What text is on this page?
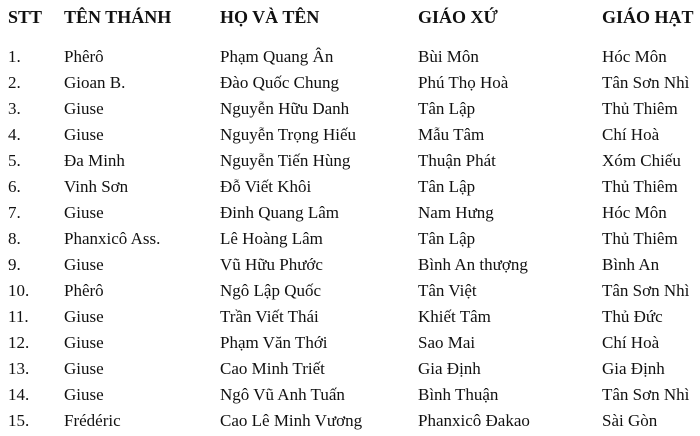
STT TÊN THÁNH	HỌ VÀ TÊN	GIÁO XỨ	GIÁO HẠT
1.	Phêrô	Phạm Quang Ân	Bùi Môn	Hóc Môn
2.	Gioan B.	Đào Quốc Chung	Phú Thọ Hoà	Tân Sơn Nhì
3.	Giuse	Nguyễn Hữu Danh	Tân Lập	Thủ Thiêm
4.	Giuse	Nguyễn Trọng Hiếu	Mẫu Tâm	Chí Hoà
5.	Đa Minh	Nguyễn Tiến Hùng	Thuận Phát	Xóm Chiếu
6.	Vinh Sơn	Đỗ Viết Khôi	Tân Lập	Thủ Thiêm
7.	Giuse	Đinh Quang Lâm	Nam Hưng	Hóc Môn
8.	Phanxicô Ass.	Lê Hoàng Lâm	Tân Lập	Thủ Thiêm
9.	Giuse	Vũ Hữu Phước	Bình An thượng	Bình An
10. Phêrô	Ngô Lập Quốc	Tân Việt	Tân Sơn Nhì
11. Giuse	Trần Viết Thái	Khiết Tâm	Thủ Đức
12. Giuse	Phạm Văn Thới	Sao Mai	Chí Hoà
13. Giuse	Cao Minh Triết	Gia Định	Gia Định
14. Giuse	Ngô Vũ Anh Tuấn	Bình Thuận	Tân Sơn Nhì
15. Frédéric	Cao Lê Minh Vương	Phanxicô Đakao	Sài Gòn
